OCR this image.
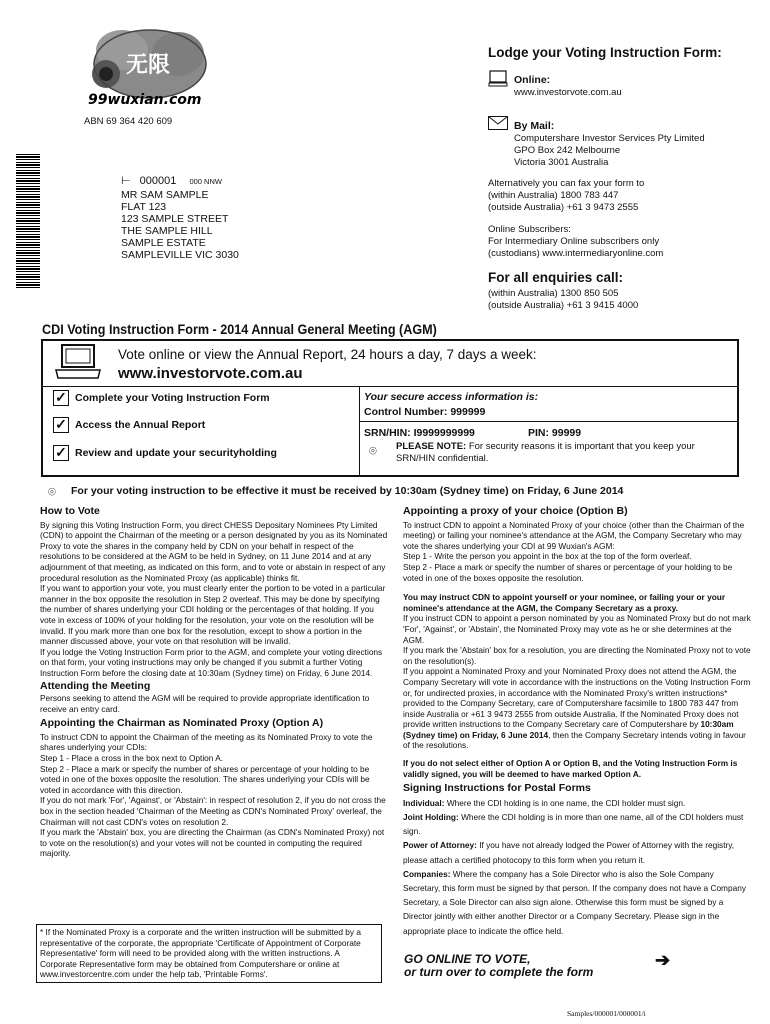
无限
99wuxian.com
ABN 69 364 420 609
⊢ 000001 000 NNW
MR SAM SAMPLE
FLAT 123
123 SAMPLE STREET
THE SAMPLE HILL
SAMPLE ESTATE
SAMPLEVILLE VIC 3030
Lodge your Voting Instruction Form:
Online:
www.investorvote.com.au
By Mail:
Computershare Investor Services Pty Limited
GPO Box 242 Melbourne
Victoria 3001 Australia
Alternatively you can fax your form to
(within Australia) 1800 783 447
(outside Australia) +61 3 9473 2555
Online Subscribers:
For Intermediary Online subscribers only
(custodians) www.intermediaryonline.com
For all enquiries call:
(within Australia) 1300 850 505
(outside Australia) +61 3 9415 4000
CDI Voting Instruction Form - 2014 Annual General Meeting (AGM)
Vote online or view the Annual Report, 24 hours a day, 7 days a week:
www.investorvote.com.au
✓ Complete your Voting Instruction Form
✓ Access the Annual Report
✓ Review and update your securityholding
Your secure access information is:
Control Number: 999999
SRN/HIN: I9999999999	PIN: 99999
⌾ PLEASE NOTE: For security reasons it is important that you keep your SRN/HIN confidential.
⌾ For your voting instruction to be effective it must be received by 10:30am (Sydney time) on Friday, 6 June 2014
How to Vote

By signing this Voting Instruction Form, you direct CHESS Depositary Nominees Pty Limited (CDN) to appoint the Chairman of the meeting or a person designated by you as its Nominated Proxy to vote the shares in the company held by CDN on your behalf in respect of the resolutions to be considered at the AGM to be held in Sydney, on 11 June 2014 and at any adjournment of that meeting, as indicated on this form, and to vote or abstain in respect of any procedural resolution as the Nominated Proxy (as applicable) thinks fit.

If you want to apportion your vote, you must clearly enter the portion to be voted in a particular manner in the box opposite the resolution in Step 2 overleaf. This may be done by specifying the number of shares underlying your CDI holding or the percentages of that holding. If you vote in excess of 100% of your holding for the resolution, your vote on the resolution will be invalid. If you mark more than one box for the resolution, except to show a portion in the manner discussed above, your vote on that resolution will be invalid.

If you lodge the Voting Instruction Form prior to the AGM, and complete your voting directions on that form, your voting instructions may only be changed if you submit a further Voting Instruction Form before the closing date at 10:30am (Sydney time) on Friday, 6 June 2014.

Attending the Meeting

Persons seeking to attend the AGM will be required to provide appropriate identification to receive an entry card.

Appointing the Chairman as Nominated Proxy (Option A)

To instruct CDN to appoint the Chairman of the meeting as its Nominated Proxy to vote the shares underlying your CDIs:

Step 1 - Place a cross in the box next to Option A.

Step 2 - Place a mark or specify the number of shares or percentage of your holding to be voted in one of the boxes opposite the resolution. The shares underlying your CDIs will be voted in accordance with this direction.

If you do not mark 'For', 'Against', or 'Abstain': in respect of resolution 2, if you do not cross the box in the section headed 'Chairman of the Meeting as CDN's Nominated Proxy' overleaf, the Chairman will not cast CDN's votes on resolution 2.

If you mark the 'Abstain' box, you are directing the Chairman (as CDN's Nominated Proxy) not to vote on the resolution(s) and your votes will not be counted in computing the required majority.

* If the Nominated Proxy is a corporate and the written instruction will be submitted by a representative of the corporate, the appropriate 'Certificate of Appointment of Corporate Representative' form will need to be provided along with the written instructions. A Corporate Representative form may be obtained from Computershare or online at www.investorcentre.com under the help tab, 'Printable Forms'.
Appointing a proxy of your choice (Option B)

To instruct CDN to appoint a Nominated Proxy of your choice (other than the Chairman of the meeting) or failing your nominee's attendance at the AGM, the Company Secretary who may vote the shares underlying your CDI at 99 Wuxian's AGM:

Step 1 - Write the person you appoint in the box at the top of the form overleaf.

Step 2 - Place a mark or specify the number of shares or percentage of your holding to be voted in one of the boxes opposite the resolution.

You may instruct CDN to appoint yourself or your nominee, or failing your or your nominee's attendance at the AGM, the Company Secretary as a proxy.

If you instruct CDN to appoint a person nominated by you as Nominated Proxy but do not mark 'For', 'Against', or 'Abstain', the Nominated Proxy may vote as he or she determines at the AGM.

If you mark the 'Abstain' box for a resolution, you are directing the Nominated Proxy not to vote on the resolution(s).

If you appoint a Nominated Proxy and your Nominated Proxy does not attend the AGM, the Company Secretary will vote in accordance with the instructions on the Voting Instruction Form or, for undirected proxies, in accordance with the Nominated Proxy's written instructions* provided to the Company Secretary, care of Computershare facsimile to 1800 783 447 from inside Australia or +61 3 9473 2555 from outside Australia. If the Nominated Proxy does not provide written instructions to the Company Secretary care of Computershare by 10:30am (Sydney time) on Friday, 6 June 2014, then the Company Secretary intends voting in favour of the resolutions.

If you do not select either of Option A or Option B, and the Voting Instruction Form is validly signed, you will be deemed to have marked Option A.

Signing Instructions for Postal Forms

Individual: Where the CDI holding is in one name, the CDI holder must sign.

Joint Holding: Where the CDI holding is in more than one name, all of the CDI holders must sign.

Power of Attorney: If you have not already lodged the Power of Attorney with the registry, please attach a certified photocopy to this form when you return it.

Companies: Where the company has a Sole Director who is also the Sole Company Secretary, this form must be signed by that person. If the company does not have a Company Secretary, a Sole Director can also sign alone. Otherwise this form must be signed by a Director jointly with either another Director or a Company Secretary. Please sign in the appropriate place to indicate the office held.

GO ONLINE TO VOTE,
or turn over to complete the form
➔
Samples/000001/000001/i
